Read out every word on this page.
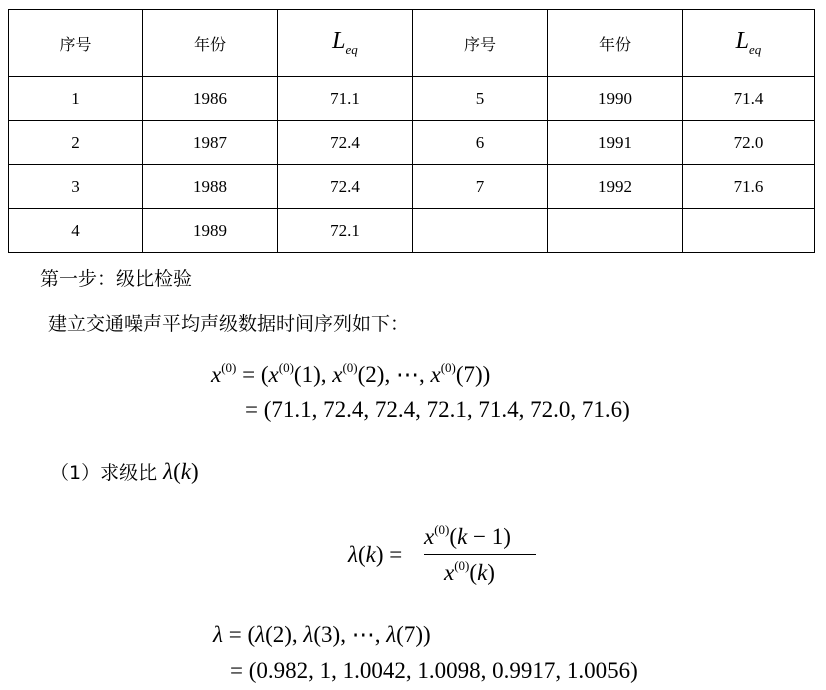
序号	年份	$L_{eq}$	序号	年份	$L_{eq}$
1	1986	71.1	5	1990	71.4
2	1987	72.4	6	1991	72.0
3	1988	72.4	7	1992	71.6
4	1989	72.1			
第一步：级比检验
建立交通噪声平均声级数据时间序列如下：
$x^{(0)} = (x^{(0)}(1)$, $x^{(0)}(2)$, ⋯, $x^{(0)}(7)$)
= (71.1, 72.4, 72.4, 72.1, 71.4, 72.0, 71.6)
（1）求级比 λ(k)
λ(k) =
$x^{(0)}(k - 1)$
$x^{(0)}(k)$
λ = (λ(2), λ(3), ⋯, λ(7))
= (0.982, 1, 1.0042, 1.0098, 0.9917, 1.0056)
